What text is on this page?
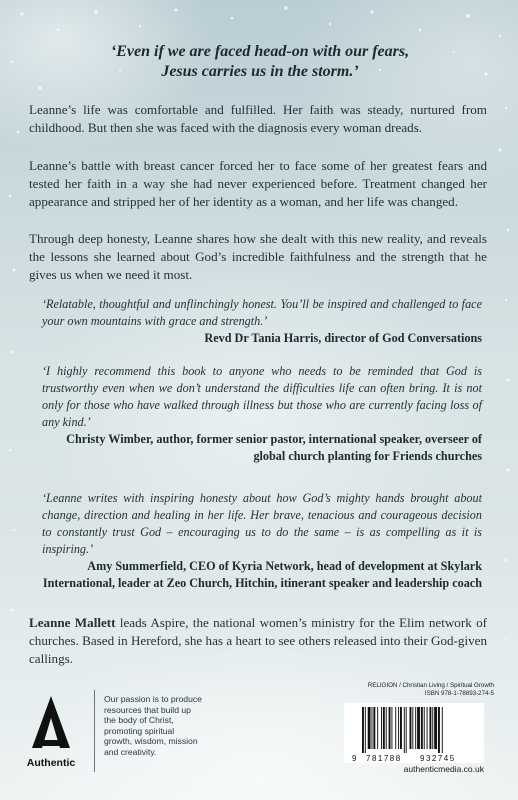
‘Even if we are faced head-on with our fears,
Jesus carries us in the storm.’

Leanne’s life was comfortable and fulfilled. Her faith was steady, nurtured from childhood. But then she was faced with the diagnosis every woman dreads.

Leanne’s battle with breast cancer forced her to face some of her greatest fears and tested her faith in a way she had never experienced before. Treatment changed her appearance and stripped her of her identity as a woman, and her life was changed.

Through deep honesty, Leanne shares how she dealt with this new reality, and reveals the lessons she learned about God’s incredible faithfulness and the strength that he gives us when we need it most.

‘Relatable, thoughtful and unflinchingly honest. You’ll be inspired and challenged to face your own mountains with grace and strength.’
Revd Dr Tania Harris, director of God Conversations
‘I highly recommend this book to anyone who needs to be reminded that God is trustworthy even when we don’t understand the difficulties life can often bring. It is not only for those who have walked through illness but those who are currently facing loss of any kind.’
Christy Wimber, author, former senior pastor, international speaker, overseer of global church planting for Friends churches
‘Leanne writes with inspiring honesty about how God’s mighty hands brought about change, direction and healing in her life. Her brave, tenacious and courageous decision to constantly trust God – encouraging us to do the same – is as compelling as it is inspiring.’
Amy Summerfield, CEO of Kyria Network, head of development at Skylark International, leader at Zeo Church, Hitchin, itinerant speaker and leadership coach

Leanne Mallett leads Aspire, the national women’s ministry for the Elim network of churches. Based in Hereford, she has a heart to see others released into their God-given callings.

Authentic
Our passion is to produce resources that build up the body of Christ, promoting spiritual growth, wisdom, mission and creativity.
RELIGION / Christian Living / Spiritual Growth
ISBN 978-1-78893-274-5
9 781788 932745
authenticmedia.co.uk
